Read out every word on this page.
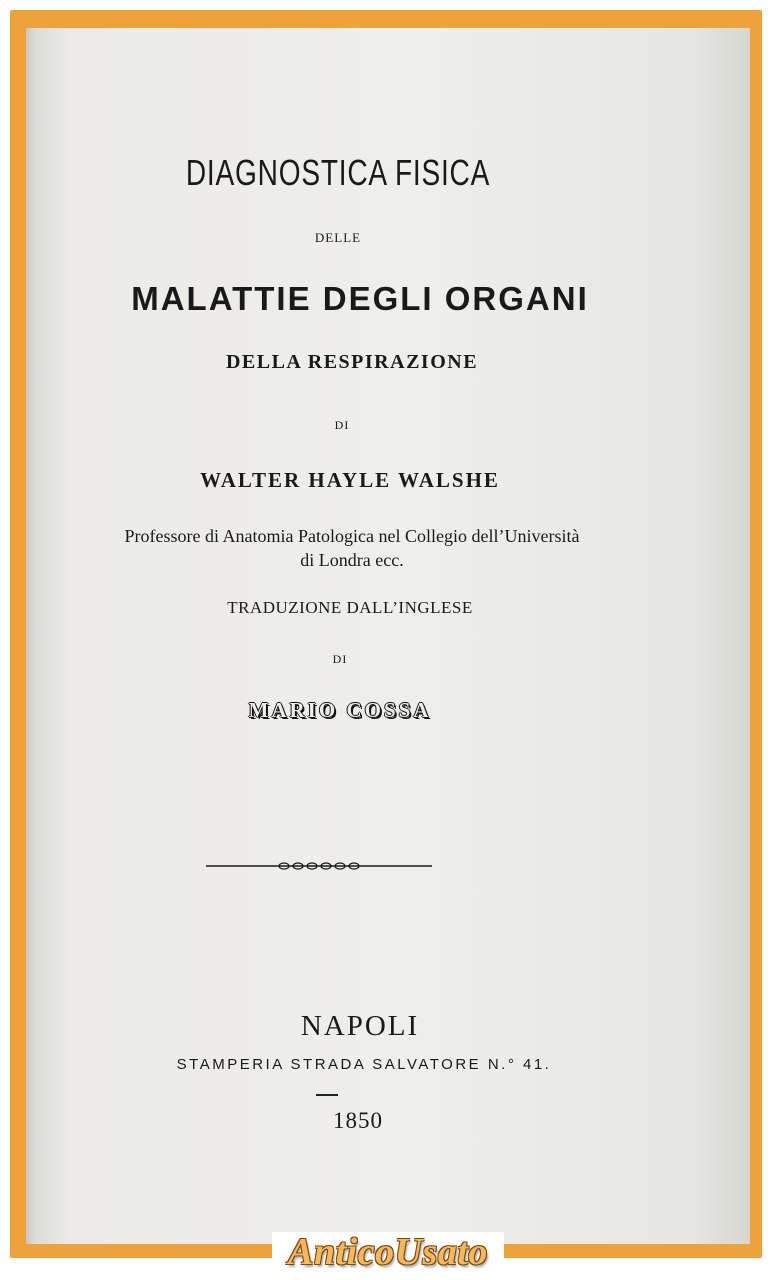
DIAGNOSTICA FISICA
DELLE
MALATTIE DEGLI ORGANI
DELLA RESPIRAZIONE
DI
WALTER HAYLE WALSHE
Professore di Anatomia Patologica nel Collegio dell’Università
di Londra ecc.
TRADUZIONE DALL’INGLESE
DI
MARIO COSSA
NAPOLI
STAMPERIA STRADA SALVATORE N.° 41.
1850
AnticoUsato
